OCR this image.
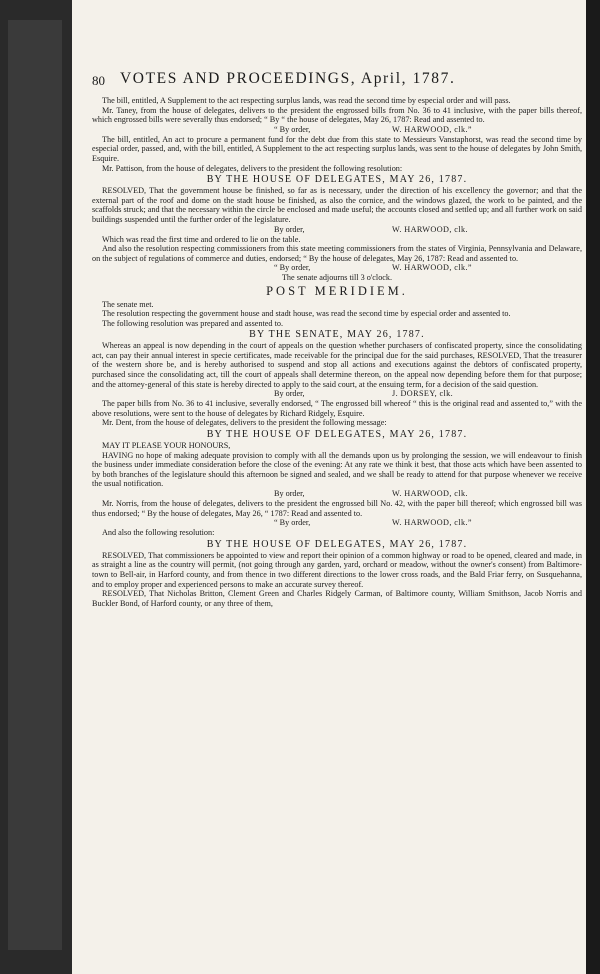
80 VOTES AND PROCEEDINGS, April, 1787.

The bill, entitled, A Supplement to the act respecting surplus lands, was read the second time by especial order and will pass.

Mr. Taney, from the house of delegates, delivers to the president the engrossed bills from No. 36 to 41 inclusive, with the paper bills thereof, which engrossed bills were severally thus endorsed; “ By “ the house of delegates, May 26, 1787: Read and assented to.

“ By order,	W. HARWOOD, clk.”

The bill, entitled, An act to procure a permanent fund for the debt due from this state to Messieurs Vanstaphorst, was read the second time by especial order, passed, and, with the bill, entitled, A Supplement to the act respecting surplus lands, was sent to the house of delegates by John Smith, Esquire.

Mr. Pattison, from the house of delegates, delivers to the president the following resolution:

BY THE HOUSE OF DELEGATES, MAY 26, 1787.

RESOLVED, That the government house be finished, so far as is necessary, under the direction of his excellency the governor; and that the external part of the roof and dome on the stadt house be finished, as also the cornice, and the windows glazed, the work to be painted, and the scaffolds struck; and that the necessary within the circle be enclosed and made useful; the accounts closed and settled up; and all further work on said buildings suspended until the further order of the legislature.

By order,	W. HARWOOD, clk.

Which was read the first time and ordered to lie on the table.

And also the resolution respecting commissioners from this state meeting commissioners from the states of Virginia, Pennsylvania and Delaware, on the subject of regulations of commerce and duties, endorsed; “ By the house of delegates, May 26, 1787: Read and assented to.

“ By order,	W. HARWOOD, clk.”
The senate adjourns till 3 o'clock.
POST MERIDIEM.

The senate met.

The resolution respecting the government house and stadt house, was read the second time by especial order and assented to.

The following resolution was prepared and assented to.

BY THE SENATE, MAY 26, 1787.

Whereas an appeal is now depending in the court of appeals on the question whether purchasers of confiscated property, since the consolidating act, can pay their annual interest in specie certificates, made receivable for the principal due for the said purchases, RESOLVED, That the treasurer of the western shore be, and is hereby authorised to suspend and stop all actions and executions against the debtors of confiscated property, purchased since the consolidating act, till the court of appeals shall determine thereon, on the appeal now depending before them for that purpose; and the attorney-general of this state is hereby directed to apply to the said court, at the ensuing term, for a decision of the said question.

By order,	J. DORSEY, clk.

The paper bills from No. 36 to 41 inclusive, severally endorsed, “ The engrossed bill whereof “ this is the original read and assented to,” with the above resolutions, were sent to the house of delegates by Richard Ridgely, Esquire.

Mr. Dent, from the house of delegates, delivers to the president the following message:

BY THE HOUSE OF DELEGATES, MAY 26, 1787.

MAY IT PLEASE YOUR HONOURS,

HAVING no hope of making adequate provision to comply with all the demands upon us by prolonging the session, we will endeavour to finish the business under immediate consideration before the close of the evening: At any rate we think it best, that those acts which have been assented to by both branches of the legislature should this afternoon be signed and sealed, and we shall be ready to attend for that purpose whenever we receive the usual notification.

By order,	W. HARWOOD, clk.

Mr. Norris, from the house of delegates, delivers to the president the engrossed bill No. 42, with the paper bill thereof; which engrossed bill was thus endorsed; “ By the house of delegates, May 26, “ 1787: Read and assented to.

“ By order,	W. HARWOOD, clk.”

And also the following resolution:

BY THE HOUSE OF DELEGATES, MAY 26, 1787.

RESOLVED, That commissioners be appointed to view and report their opinion of a common highway or road to be opened, cleared and made, in as straight a line as the country will permit, (not going through any garden, yard, orchard or meadow, without the owner's consent) from Baltimore-town to Bell-air, in Harford county, and from thence in two different directions to the lower cross roads, and the Bald Friar ferry, on Susquehanna, and to employ proper and experienced persons to make an accurate survey thereof.

RESOLVED, That Nicholas Britton, Clement Green and Charles Ridgely Carman, of Baltimore county, William Smithson, Jacob Norris and Buckler Bond, of Harford county, or any three of them,
